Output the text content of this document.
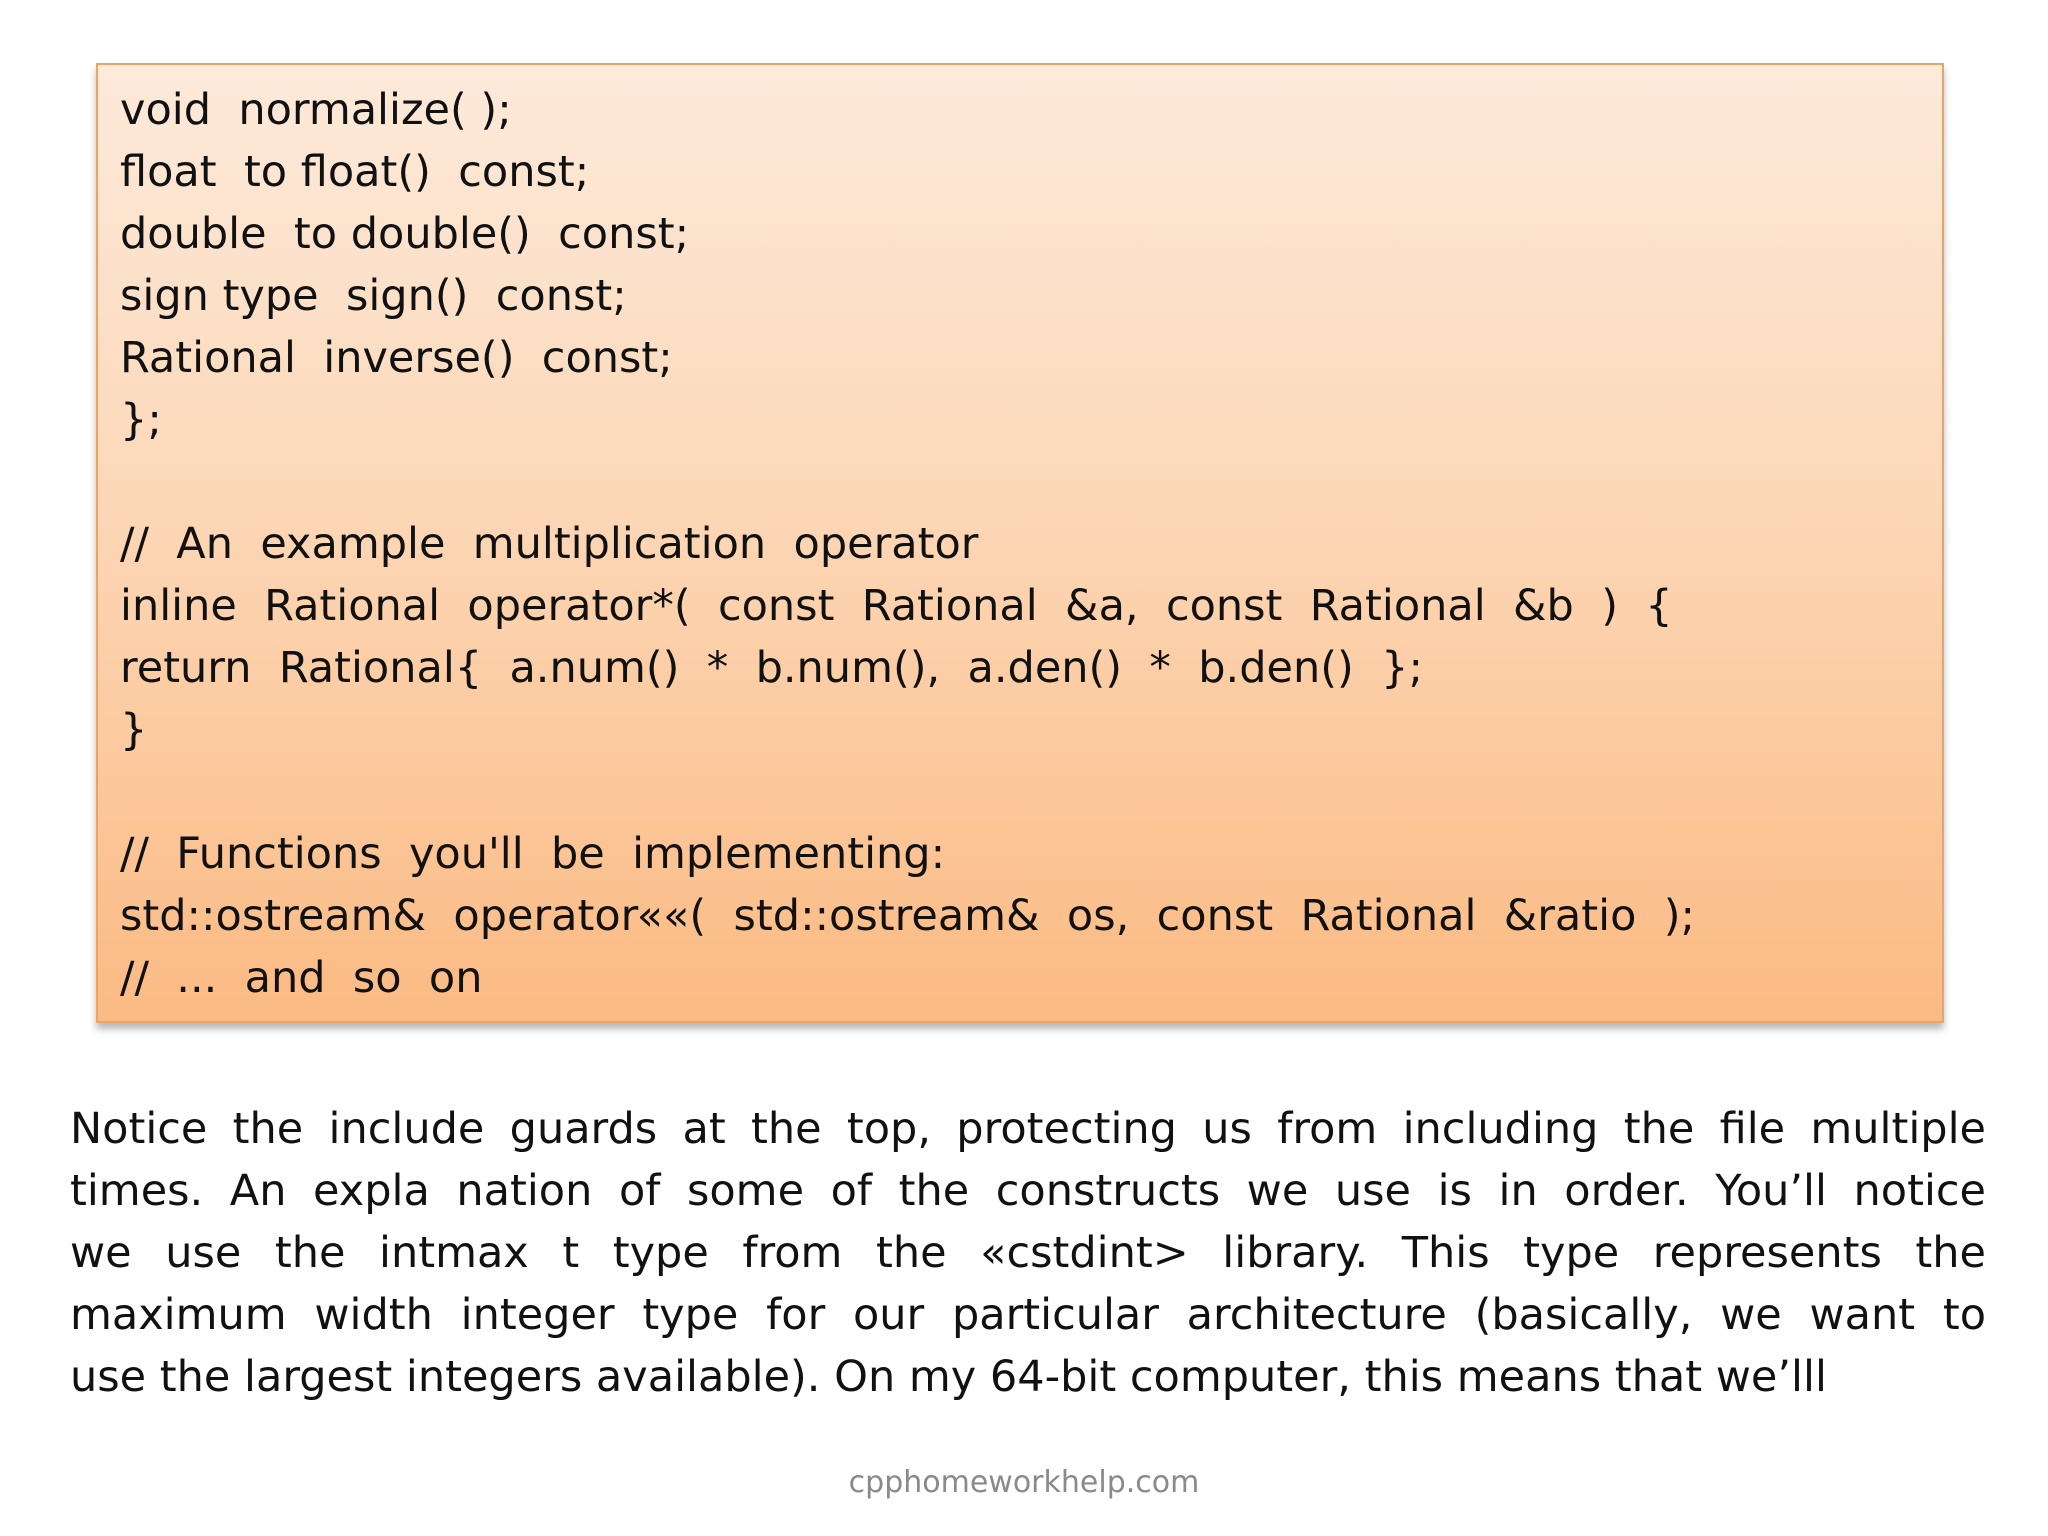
void  normalize( );
float  to float()  const;
double  to double()  const;
sign type  sign()  const;
Rational  inverse()  const;
};
//  An  example  multiplication  operator
inline  Rational  operator*(  const  Rational  &a,  const  Rational  &b  )  {
return  Rational{  a.num()  *  b.num(),  a.den()  *  b.den()  };
}
//  Functions  you'll  be  implementing:
std::ostream&  operator««(  std::ostream&  os,  const  Rational  &ratio  );
//  ...  and  so  on
Notice the include guards at the top, protecting us from including the file multiple
times. An expla nation of some of the constructs we use is in order. You’ll notice
we use the intmax t type from the «cstdint> library. This type represents the
maximum width integer type for our particular architecture (basically, we want to
use the largest integers available). On my 64-bit computer, this means that we’lll
cpphomeworkhelp.com
